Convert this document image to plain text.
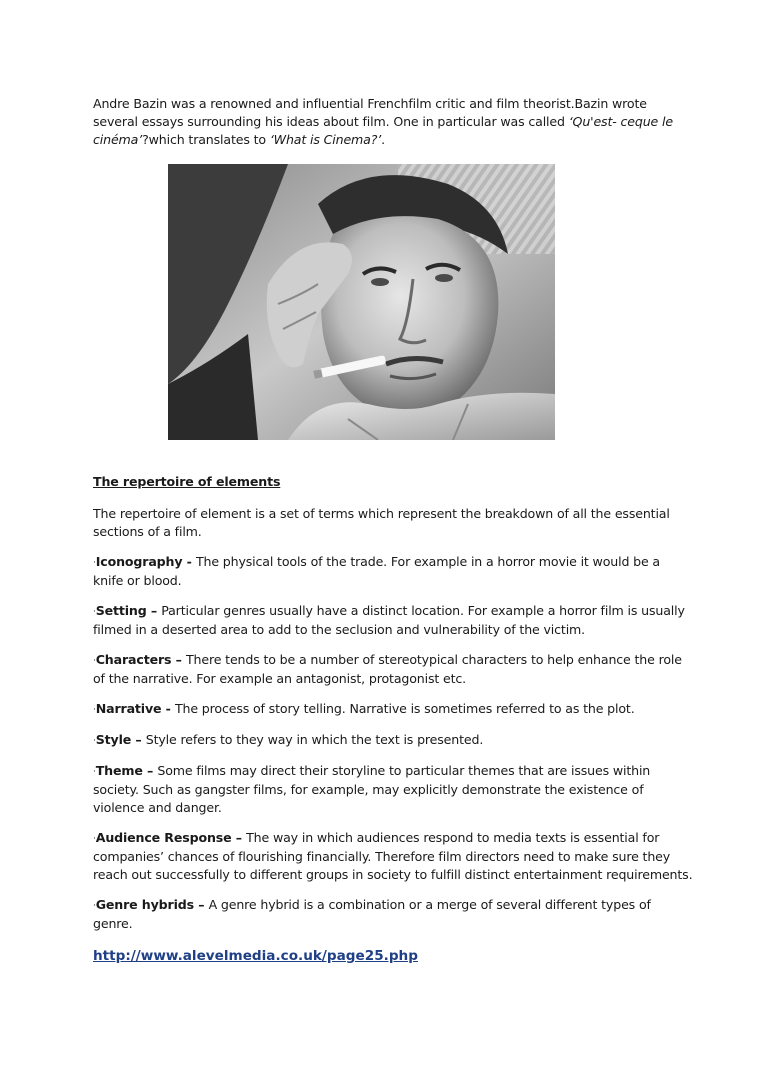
Andre Bazin was a renowned and influential Frenchfilm critic and film theorist.Bazin wrote several essays surrounding his ideas about film. One in particular was called ‘Qu'est- ceque le cinéma’?which translates to ‘What is Cinema?’.

The repertoire of elements

The repertoire of element is a set of terms which represent the breakdown of all the essential sections of a film.

·Iconography - The physical tools of the trade. For example in a horror movie it would be a knife or blood.

·Setting – Particular genres usually have a distinct location. For example a horror film is usually filmed in a deserted area to add to the seclusion and vulnerability of the victim.

·Characters – There tends to be a number of stereotypical characters to help enhance the role of the narrative. For example an antagonist, protagonist etc.

·Narrative - The process of story telling. Narrative is sometimes referred to as the plot.

·Style – Style refers to they way in which the text is presented.

·Theme – Some films may direct their storyline to particular themes that are issues within society. Such as gangster films, for example, may explicitly demonstrate the existence of violence and danger.

·Audience Response – The way in which audiences respond to media texts is essential for companies’ chances of flourishing financially. Therefore film directors need to make sure they reach out successfully to different groups in society to fulfill distinct entertainment requirements.

·Genre hybrids – A genre hybrid is a combination or a merge of several different types of genre.

http://www.alevelmedia.co.uk/page25.php
